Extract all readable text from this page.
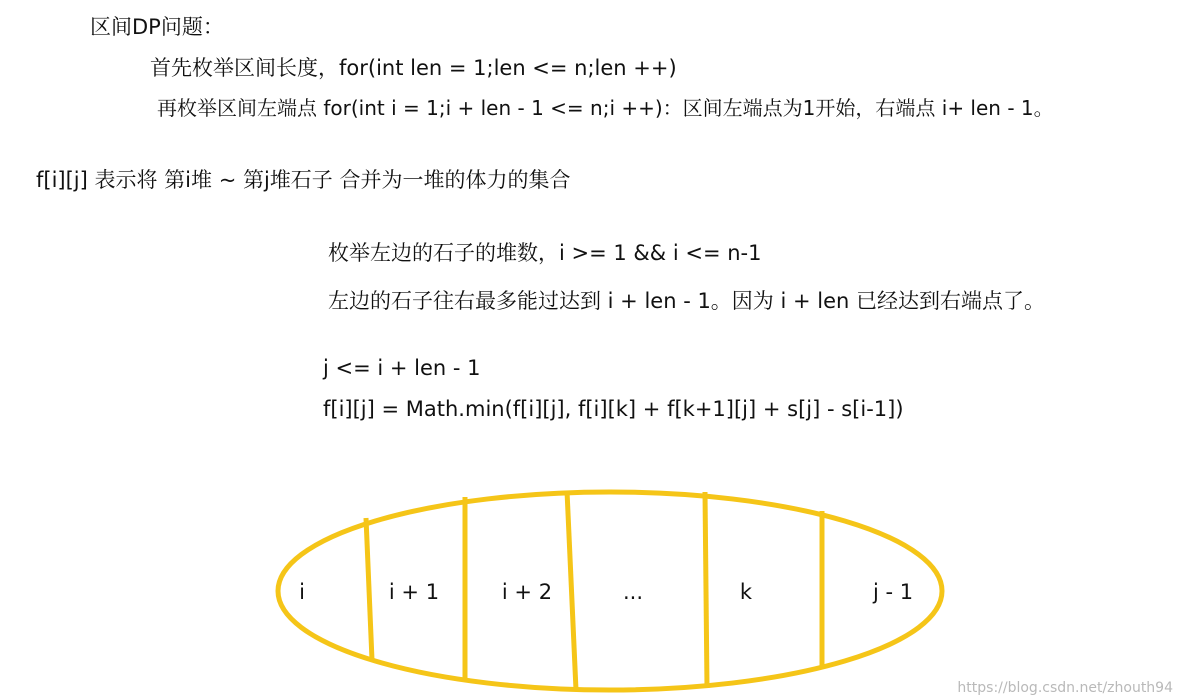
区间DP问题：
首先枚举区间长度，for(int len = 1;len <= n;len ++)
再枚举区间左端点 for(int i = 1;i + len - 1 <= n;i ++)：区间左端点为1开始，右端点 i+ len - 1。
f[i][j] 表示将 第i堆 ~ 第j堆石子 合并为一堆的体力的集合
枚举左边的石子的堆数，i >= 1 && i <= n-1
左边的石子往右最多能过达到 i + len - 1。因为 i + len 已经达到右端点了。
j <= i + len - 1
f[i][j] = Math.min(f[i][j], f[i][k] + f[k+1][j] + s[j] - s[i-1])
i	i + 1	i + 2	...	k	j - 1
https://blog.csdn.net/zhouth94
